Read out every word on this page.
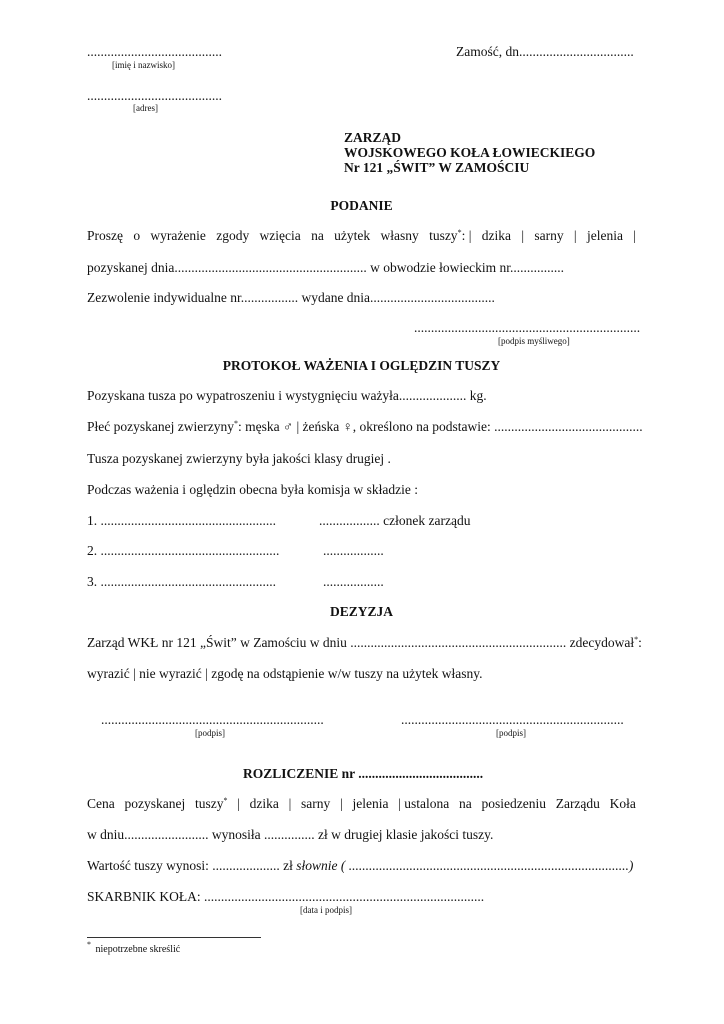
........................................
[imię i nazwisko]
Zamość, dn..................................
........................................
[adres]
ZARZĄD
WOJSKOWEGO KOŁA ŁOWIECKIEGO
Nr 121 „ŚWIT” W ZAMOŚCIU
PODANIE
Proszę o wyrażenie zgody wzięcia na użytek własny tuszy*: | dzika | sarny | jelenia |
pozyskanej dnia......................................................... w obwodzie łowieckim nr................
Zezwolenie indywidualne nr................. wydane dnia.....................................
...................................................................
[podpis myśliwego]
PROTOKOŁ WAŻENIA I OGLĘDZIN TUSZY
Pozyskana tusza po wypatroszeniu i wystygnięciu ważyła.................... kg.
Płeć pozyskanej zwierzyny*: męska ♂ | żeńska ♀, określono na podstawie: ............................................
Tusza pozyskanej zwierzyny była jakości klasy drugiej .
Podczas ważenia i oględzin obecna była komisja w składzie :
1. ....................................................	.................. członek zarządu
2. .....................................................	..................
3. ....................................................	..................
DEZYZJA
Zarząd WKŁ nr 121 „Świt” w Zamościu w dniu ................................................................ zdecydował*:
wyrazić | nie wyrazić | zgodę na odstąpienie w/w tuszy na użytek własny.
..................................................................
[podpis]
..................................................................
[podpis]
ROZLICZENIE nr .....................................
Cena pozyskanej tuszy* | dzika | sarny | jelenia | ustalona na posiedzeniu Zarządu Koła
w dniu......................... wynosiła ............... zł w drugiej klasie jakości tuszy.
Wartość tuszy wynosi: .................... zł słownie ( ...................................................................................)
SKARBNIK KOŁA: ...................................................................................
[data i podpis]
* niepotrzebne skreślić
